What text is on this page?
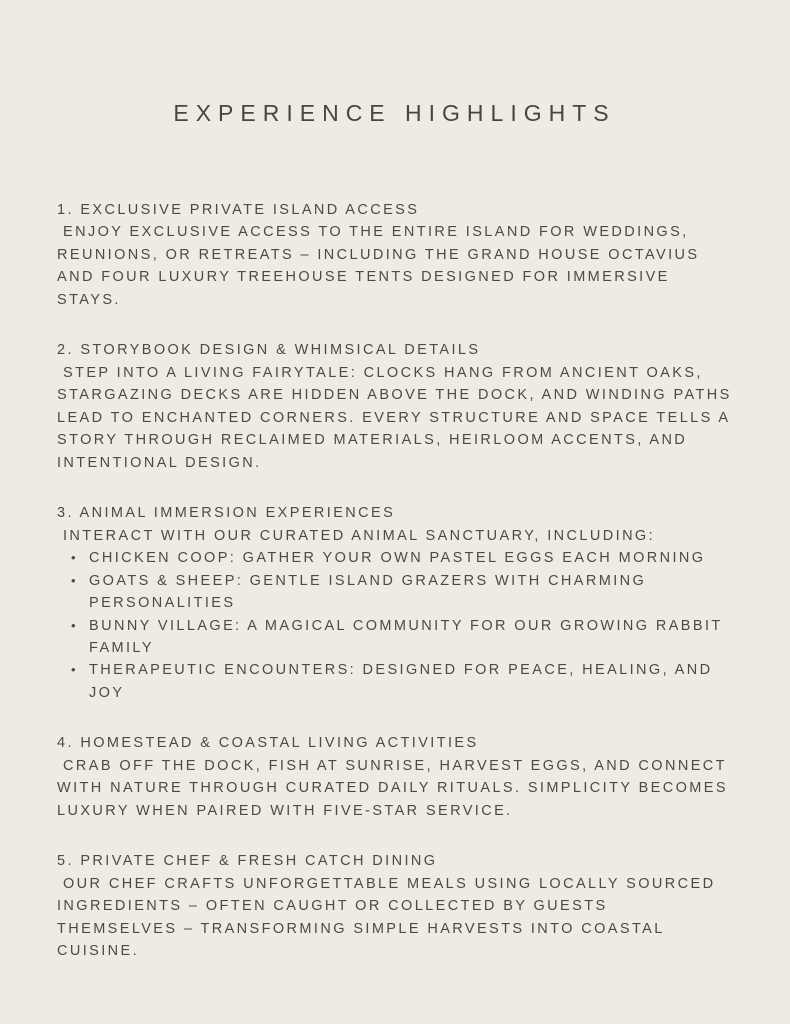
EXPERIENCE HIGHLIGHTS
1. EXCLUSIVE PRIVATE ISLAND ACCESS

ENJOY EXCLUSIVE ACCESS TO THE ENTIRE ISLAND FOR WEDDINGS, REUNIONS, OR RETREATS – INCLUDING THE GRAND HOUSE OCTAVIUS AND FOUR LUXURY TREEHOUSE TENTS DESIGNED FOR IMMERSIVE STAYS.

2. STORYBOOK DESIGN & WHIMSICAL DETAILS

STEP INTO A LIVING FAIRYTALE: CLOCKS HANG FROM ANCIENT OAKS, STARGAZING DECKS ARE HIDDEN ABOVE THE DOCK, AND WINDING PATHS LEAD TO ENCHANTED CORNERS. EVERY STRUCTURE AND SPACE TELLS A STORY THROUGH RECLAIMED MATERIALS, HEIRLOOM ACCENTS, AND INTENTIONAL DESIGN.

3. ANIMAL IMMERSION EXPERIENCES

INTERACT WITH OUR CURATED ANIMAL SANCTUARY, INCLUDING:

• CHICKEN COOP: GATHER YOUR OWN PASTEL EGGS EACH MORNING
• GOATS & SHEEP: GENTLE ISLAND GRAZERS WITH CHARMING PERSONALITIES
• BUNNY VILLAGE: A MAGICAL COMMUNITY FOR OUR GROWING RABBIT FAMILY
• THERAPEUTIC ENCOUNTERS: DESIGNED FOR PEACE, HEALING, AND JOY
4. HOMESTEAD & COASTAL LIVING ACTIVITIES

CRAB OFF THE DOCK, FISH AT SUNRISE, HARVEST EGGS, AND CONNECT WITH NATURE THROUGH CURATED DAILY RITUALS. SIMPLICITY BECOMES LUXURY WHEN PAIRED WITH FIVE-STAR SERVICE.

5. PRIVATE CHEF & FRESH CATCH DINING

OUR CHEF CRAFTS UNFORGETTABLE MEALS USING LOCALLY SOURCED INGREDIENTS – OFTEN CAUGHT OR COLLECTED BY GUESTS THEMSELVES – TRANSFORMING SIMPLE HARVESTS INTO COASTAL CUISINE.
